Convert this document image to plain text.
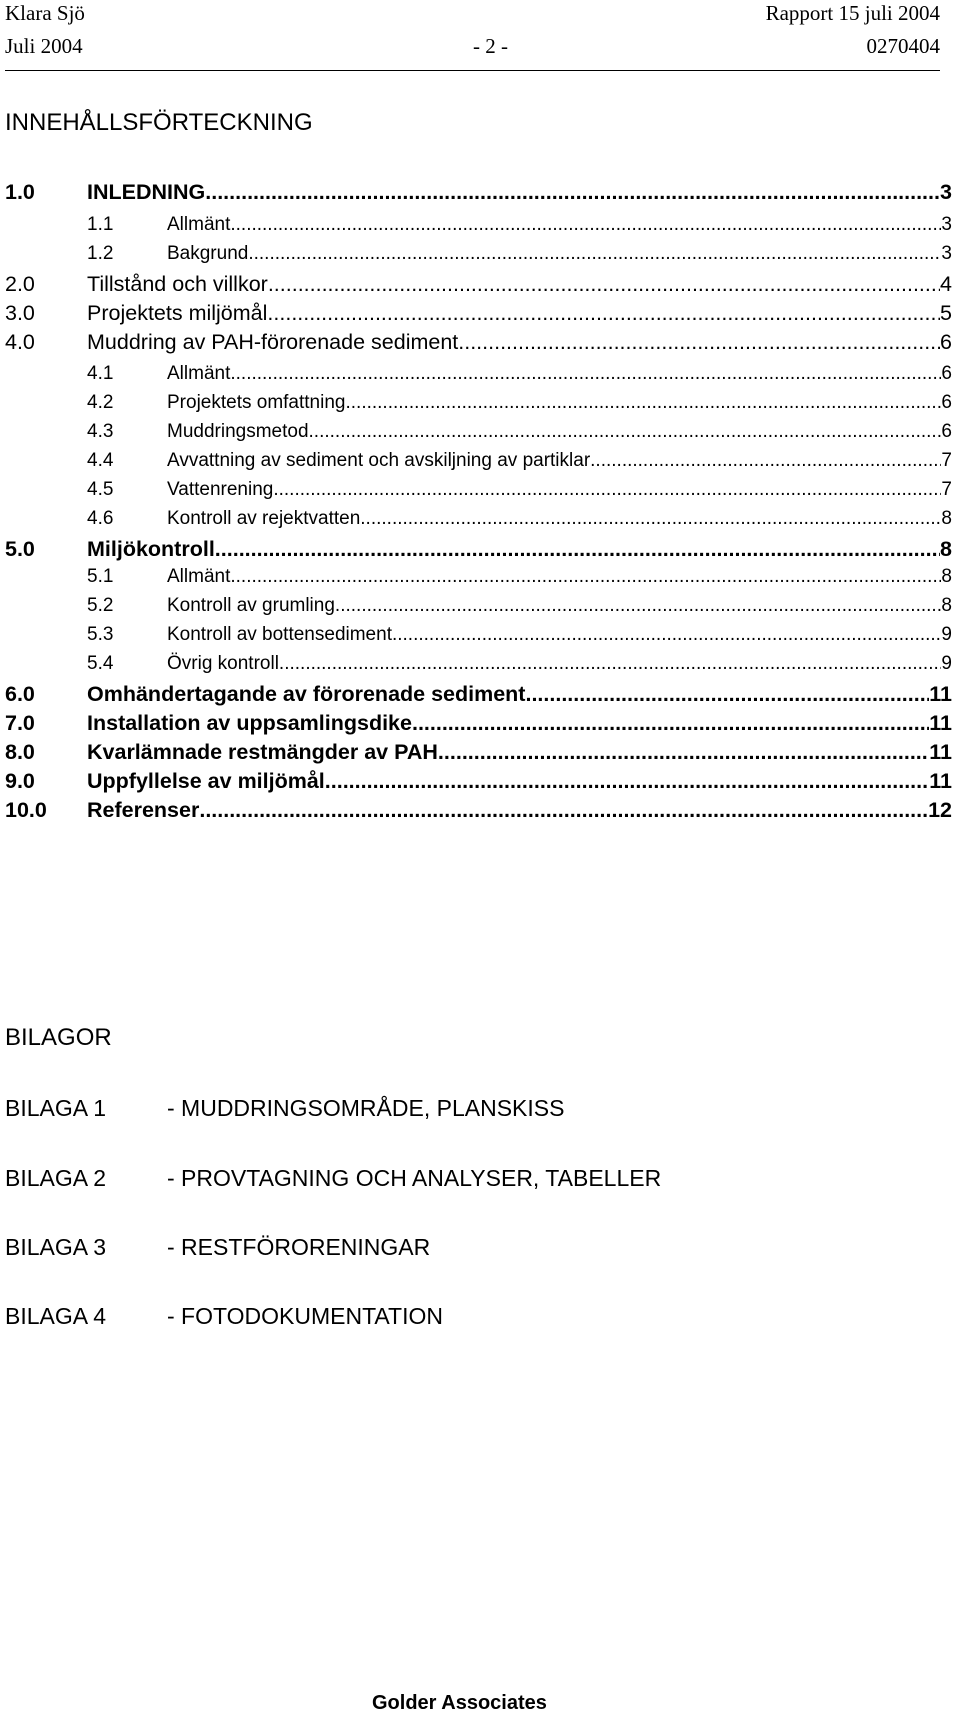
Klara Sjö	Rapport 15 juli 2004
Juli 2004	- 2 -	0270404
INNEHÅLLSFÖRTECKNING
1.0 INLEDNING .....	3
1.1	Allmänt .....	3
1.2	Bakgrund .....	3
2.0 Tillstånd och villkor .....	4
3.0 Projektets miljömål .....	5
4.0 Muddring av PAH-förorenade sediment .....	6
4.1	Allmänt .....	6
4.2	Projektets omfattning .....	6
4.3	Muddringsmetod .....	6
4.4	Avvattning av sediment och avskiljning av partiklar .....	7
4.5	Vattenrening .....	7
4.6	Kontroll av rejektvatten .....	8
5.0 Miljökontroll .....	8
5.1	Allmänt .....	8
5.2	Kontroll av grumling .....	8
5.3	Kontroll av bottensediment .....	9
5.4	Övrig kontroll .....	9
6.0 Omhändertagande av förorenade sediment .....	11
7.0 Installation av uppsamlingsdike .....	11
8.0 Kvarlämnade restmängder av PAH .....	11
9.0 Uppfyllelse av miljömål .....	11
10.0 Referenser .....	12
BILAGOR
BILAGA 1	- MUDDRINGSOMRÅDE, PLANSKISS
BILAGA 2	- PROVTAGNING OCH ANALYSER, TABELLER
BILAGA 3	- RESTFÖRORENINGAR
BILAGA 4	- FOTODOKUMENTATION
Golder Associates
